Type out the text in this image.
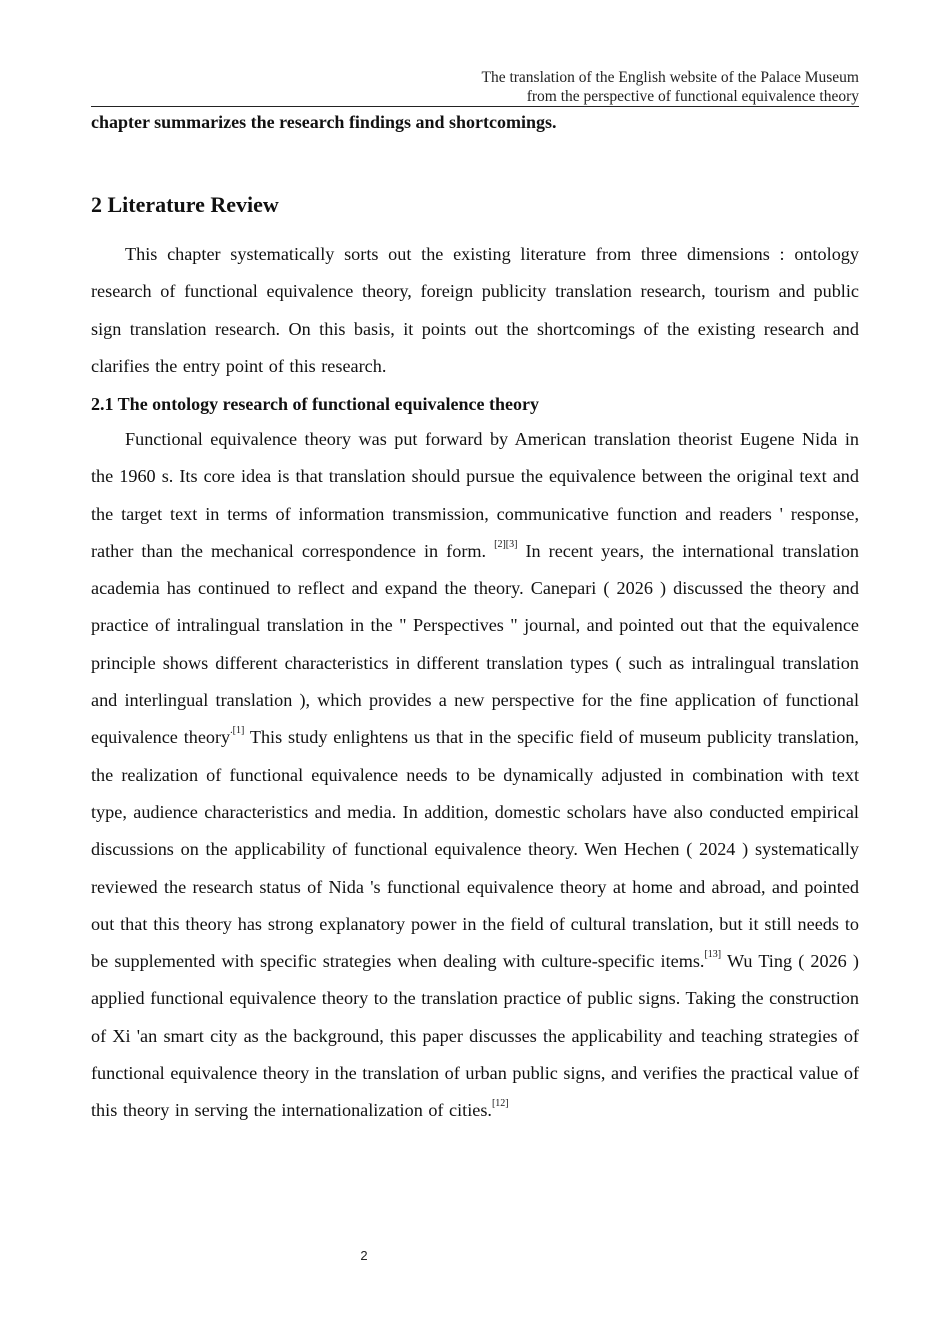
The translation of the English website of the Palace Museum
from the perspective of functional equivalence theory
chapter summarizes the research findings and shortcomings.
2 Literature Review
This chapter systematically sorts out the existing literature from three dimensions : ontology research of functional equivalence theory, foreign publicity translation research, tourism and public sign translation research. On this basis, it points out the shortcomings of the existing research and clarifies the entry point of this research.
2.1 The ontology research of functional equivalence theory
Functional equivalence theory was put forward by American translation theorist Eugene Nida in the 1960 s. Its core idea is that translation should pursue the equivalence between the original text and the target text in terms of information transmission, communicative function and readers ' response, rather than the mechanical correspondence in form. [2][3] In recent years, the international translation academia has continued to reflect and expand the theory. Canepari ( 2026 ) discussed the theory and practice of intralingual translation in the " Perspectives " journal, and pointed out that the equivalence principle shows different characteristics in different translation types ( such as intralingual translation and interlingual translation ), which provides a new perspective for the fine application of functional equivalence theory$^{.[1]}$ This study enlightens us that in the specific field of museum publicity translation, the realization of functional equivalence needs to be dynamically adjusted in combination with text type, audience characteristics and media. In addition, domestic scholars have also conducted empirical discussions on the applicability of functional equivalence theory. Wen Hechen ( 2024 ) systematically reviewed the research status of Nida 's functional equivalence theory at home and abroad, and pointed out that this theory has strong explanatory power in the field of cultural translation, but it still needs to be supplemented with specific strategies when dealing with culture-specific items.[13] Wu Ting ( 2026 ) applied functional equivalence theory to the translation practice of public signs. Taking the construction of Xi 'an smart city as the background, this paper discusses the applicability and teaching strategies of functional equivalence theory in the translation of urban public signs, and verifies the practical value of this theory in serving the internationalization of cities.[12]
2
